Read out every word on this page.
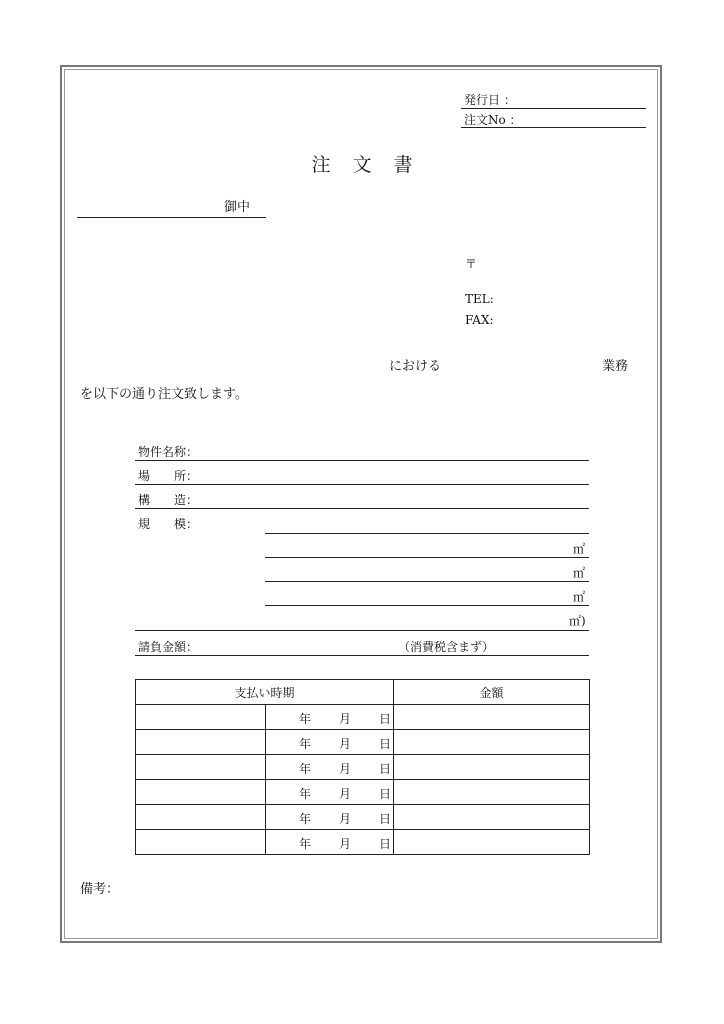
発行日 ：
注文No ：
注文書
御中
〒
TEL:
FAX:
における	業務
を以下の通り注文致します。
物件名称：
場　　所：
構　　造：
規　　模：
㎡
㎡
㎡
㎡)
請負金額：	（消費税含まず）
支払い時期		金額

	年 月 日	

	年 月 日	

	年 月 日	

	年 月 日	

	年 月 日	

	年 月 日	

備考：
